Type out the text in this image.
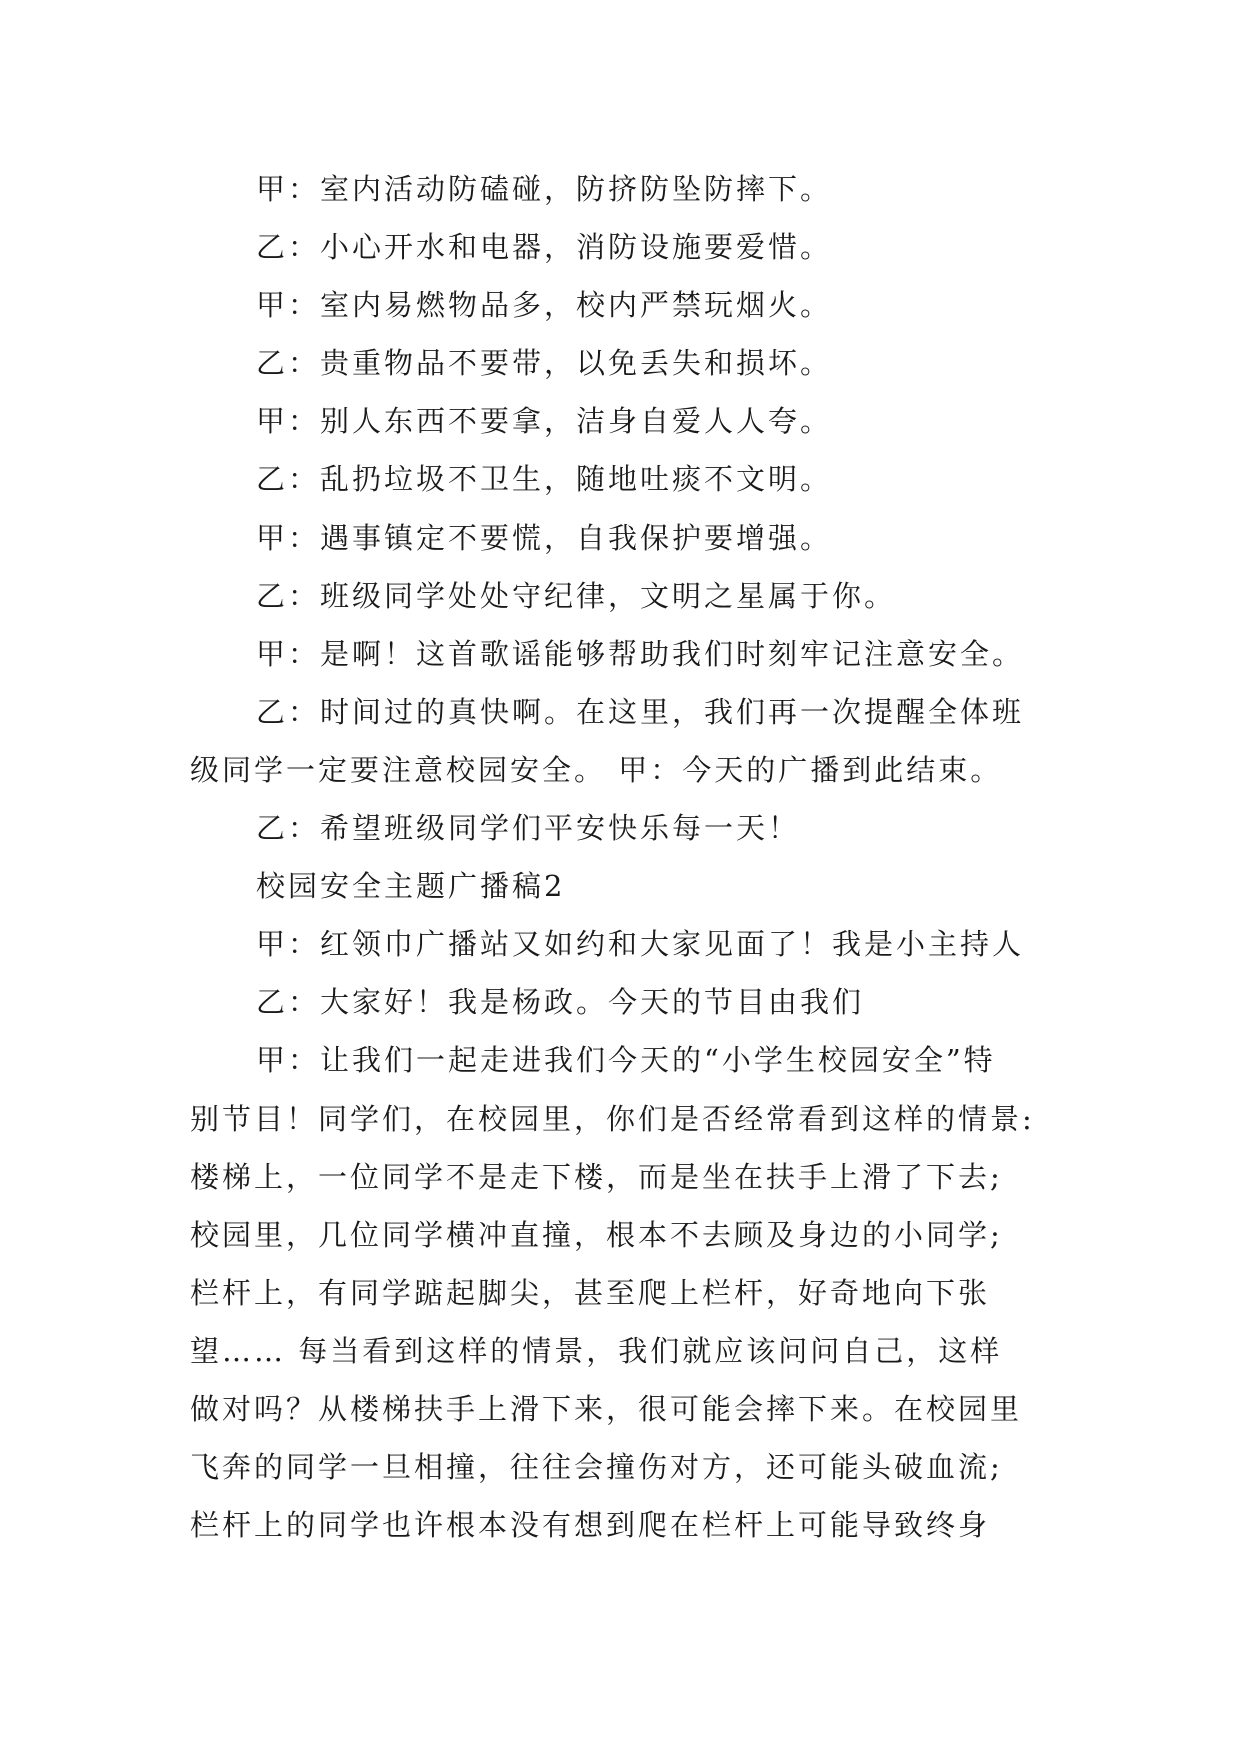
甲：室内活动防磕碰，防挤防坠防摔下。
乙：小心开水和电器，消防设施要爱惜。
甲：室内易燃物品多，校内严禁玩烟火。
乙：贵重物品不要带，以免丢失和损坏。
甲：别人东西不要拿，洁身自爱人人夸。
乙：乱扔垃圾不卫生，随地吐痰不文明。
甲：遇事镇定不要慌，自我保护要增强。
乙：班级同学处处守纪律，文明之星属于你。
甲：是啊！这首歌谣能够帮助我们时刻牢记注意安全。
乙：时间过的真快啊。在这里，我们再一次提醒全体班
级同学一定要注意校园安全。 甲：今天的广播到此结束。
乙：希望班级同学们平安快乐每一天！
校园安全主题广播稿2
甲：红领巾广播站又如约和大家见面了！我是小主持人
乙：大家好！我是杨政。今天的节目由我们
甲：让我们一起走进我们今天的“小学生校园安全”特
别节目！同学们，在校园里，你们是否经常看到这样的情景:
楼梯上，一位同学不是走下楼，而是坐在扶手上滑了下去;
校园里，几位同学横冲直撞，根本不去顾及身边的小同学;
栏杆上，有同学踮起脚尖，甚至爬上栏杆，好奇地向下张
望…… 每当看到这样的情景，我们就应该问问自己，这样
做对吗？从楼梯扶手上滑下来，很可能会摔下来。在校园里
飞奔的同学一旦相撞，往往会撞伤对方，还可能头破血流;
栏杆上的同学也许根本没有想到爬在栏杆上可能导致终身
